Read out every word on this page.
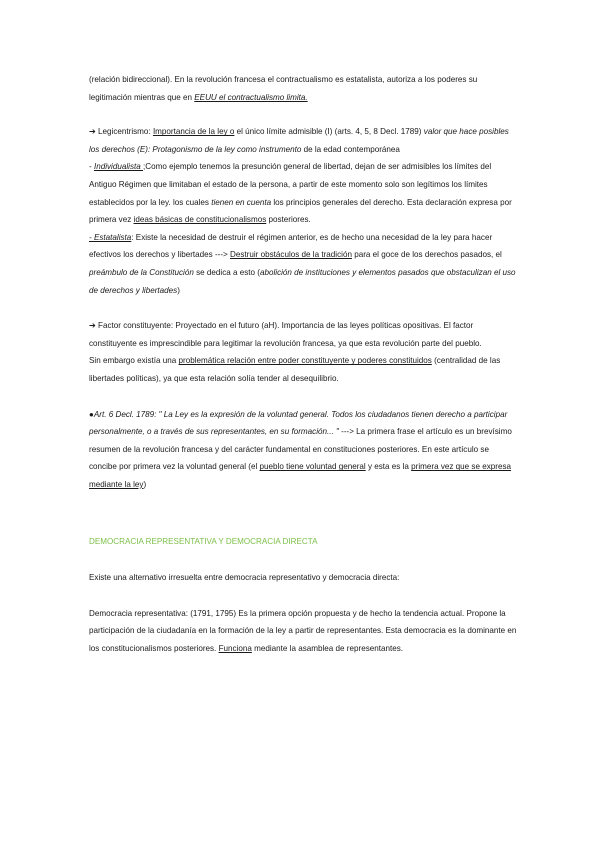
(relación bidireccional). En la revolución francesa el contractualismo es estatalista, autoriza a los poderes su legitimación mientras que en EEUU el contractualismo limita.

➔ Legicentrismo: Importancia de la ley o el único límite admisible (I) (arts. 4, 5, 8 Decl. 1789) valor que hace posibles los derechos (E): Protagonismo de la ley como instrumento de la edad contemporánea

- Individualista ;Como ejemplo tenemos la presunción general de libertad, dejan de ser admisibles los límites del Antiguo Régimen que limitaban el estado de la persona, a partir de este momento solo son legítimos los límites establecidos por la ley. los cuales tienen en cuenta los principios generales del derecho. Esta declaración expresa por primera vez ideas básicas de constitucionalismos posteriores.

- Estatalista: Existe la necesidad de destruir el régimen anterior, es de hecho una necesidad de la ley para hacer efectivos los derechos y libertades ---> Destruir obstáculos de la tradición para el goce de los derechos pasados, el preámbulo de la Constitución se dedica a esto (abolición de instituciones y elementos pasados que obstaculizan el uso de derechos y libertades)

➔ Factor constituyente: Proyectado en el futuro (aH). Importancia de las leyes políticas opositivas. El factor constituyente es imprescindible para legitimar la revolución francesa, ya que esta revolución parte del pueblo.

Sin embargo existía una problemática relación entre poder constituyente y poderes constituidos (centralidad de las libertades políticas), ya que esta relación solía tender al desequilibrio.

●Art. 6 Decl. 1789: " La Ley es la expresión de la voluntad general. Todos los ciudadanos tienen derecho a participar personalmente, o a través de sus representantes, en su formación... " ---> La primera frase el artículo es un brevísimo resumen de la revolución francesa y del carácter fundamental en constituciones posteriores. En este artículo se concibe por primera vez la voluntad general (el pueblo tiene voluntad general y esta es la primera vez que se expresa mediante la ley)

DEMOCRACIA REPRESENTATIVA Y DEMOCRACIA DIRECTA

Existe una alternativo irresuelta entre democracia representativo y democracia directa:

Democracia representativa: (1791, 1795) Es la primera opción propuesta y de hecho la tendencia actual. Propone la participación de la ciudadanía en la formación de la ley a partir de representantes. Esta democracia es la dominante en los constitucionalismos posteriores. Funciona mediante la asamblea de representantes.
